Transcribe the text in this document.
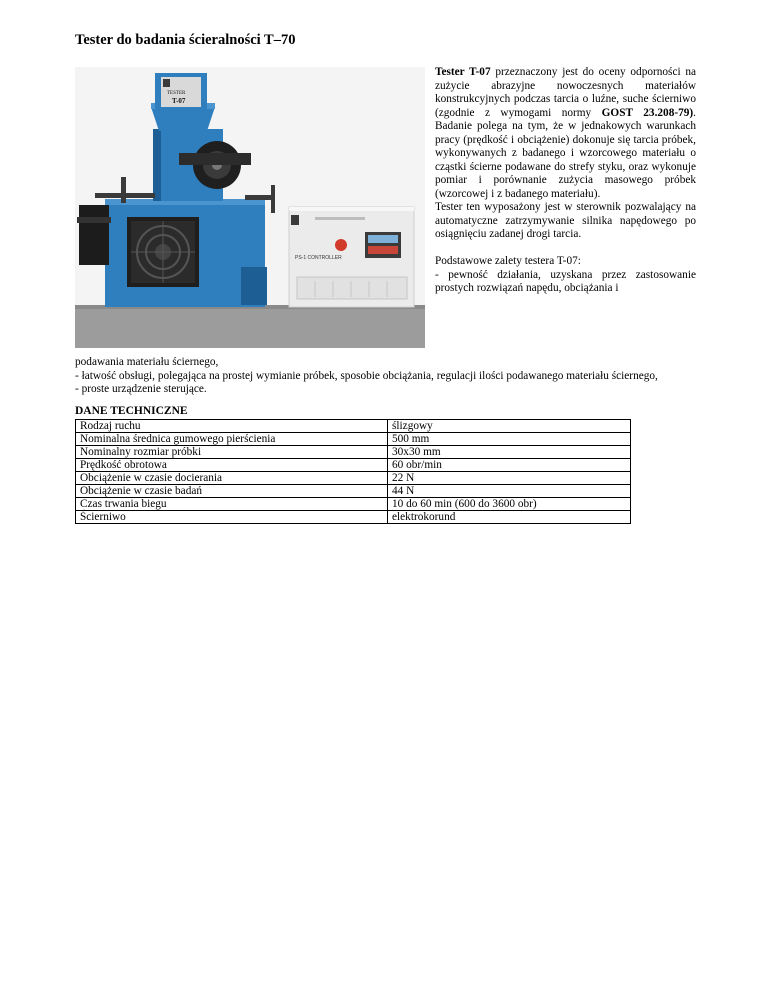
Tester do badania ścieralności T–70
PS-1 CONTROLLER
TESTER
T-07

Tester T-07 przeznaczony jest do oceny odporności na zużycie abrazyjne nowoczesnych materiałów konstrukcyjnych podczas tarcia o luźne, suche ścierniwo (zgodnie z wymogami normy GOST 23.208-79). Badanie polega na tym, że w jednakowych warunkach pracy (prędkość i obciążenie) dokonuje się tarcia próbek, wykonywanych z badanego i wzorcowego materiału o cząstki ścierne podawane do strefy styku, oraz wykonuje pomiar i porównanie zużycia masowego próbek (wzorcowej i z badanego materiału).
Tester ten wyposażony jest w sterownik pozwalający na automatyczne zatrzymywanie silnika napędowego po osiągnięciu zadanej drogi tarcia.

Podstawowe zalety testera T-07:
- pewność działania, uzyskana przez zastosowanie prostych rozwiązań napędu, obciążania i

podawania materiału ściernego,

- łatwość obsługi, polegająca na prostej wymianie próbek, sposobie obciążania, regulacji ilości podawanego materiału ściernego,

- proste urządzenie sterujące.

DANE TECHNICZNE
Rodzaj ruchu	ślizgowy
Nominalna średnica gumowego pierścienia	500 mm
Nominalny rozmiar próbki	30x30 mm
Prędkość obrotowa	60 obr/min
Obciążenie w czasie docierania	22 N
Obciążenie w czasie badań	44 N
Czas trwania biegu	10 do 60 min (600 do 3600 obr)
Ścierniwo	elektrokorund
